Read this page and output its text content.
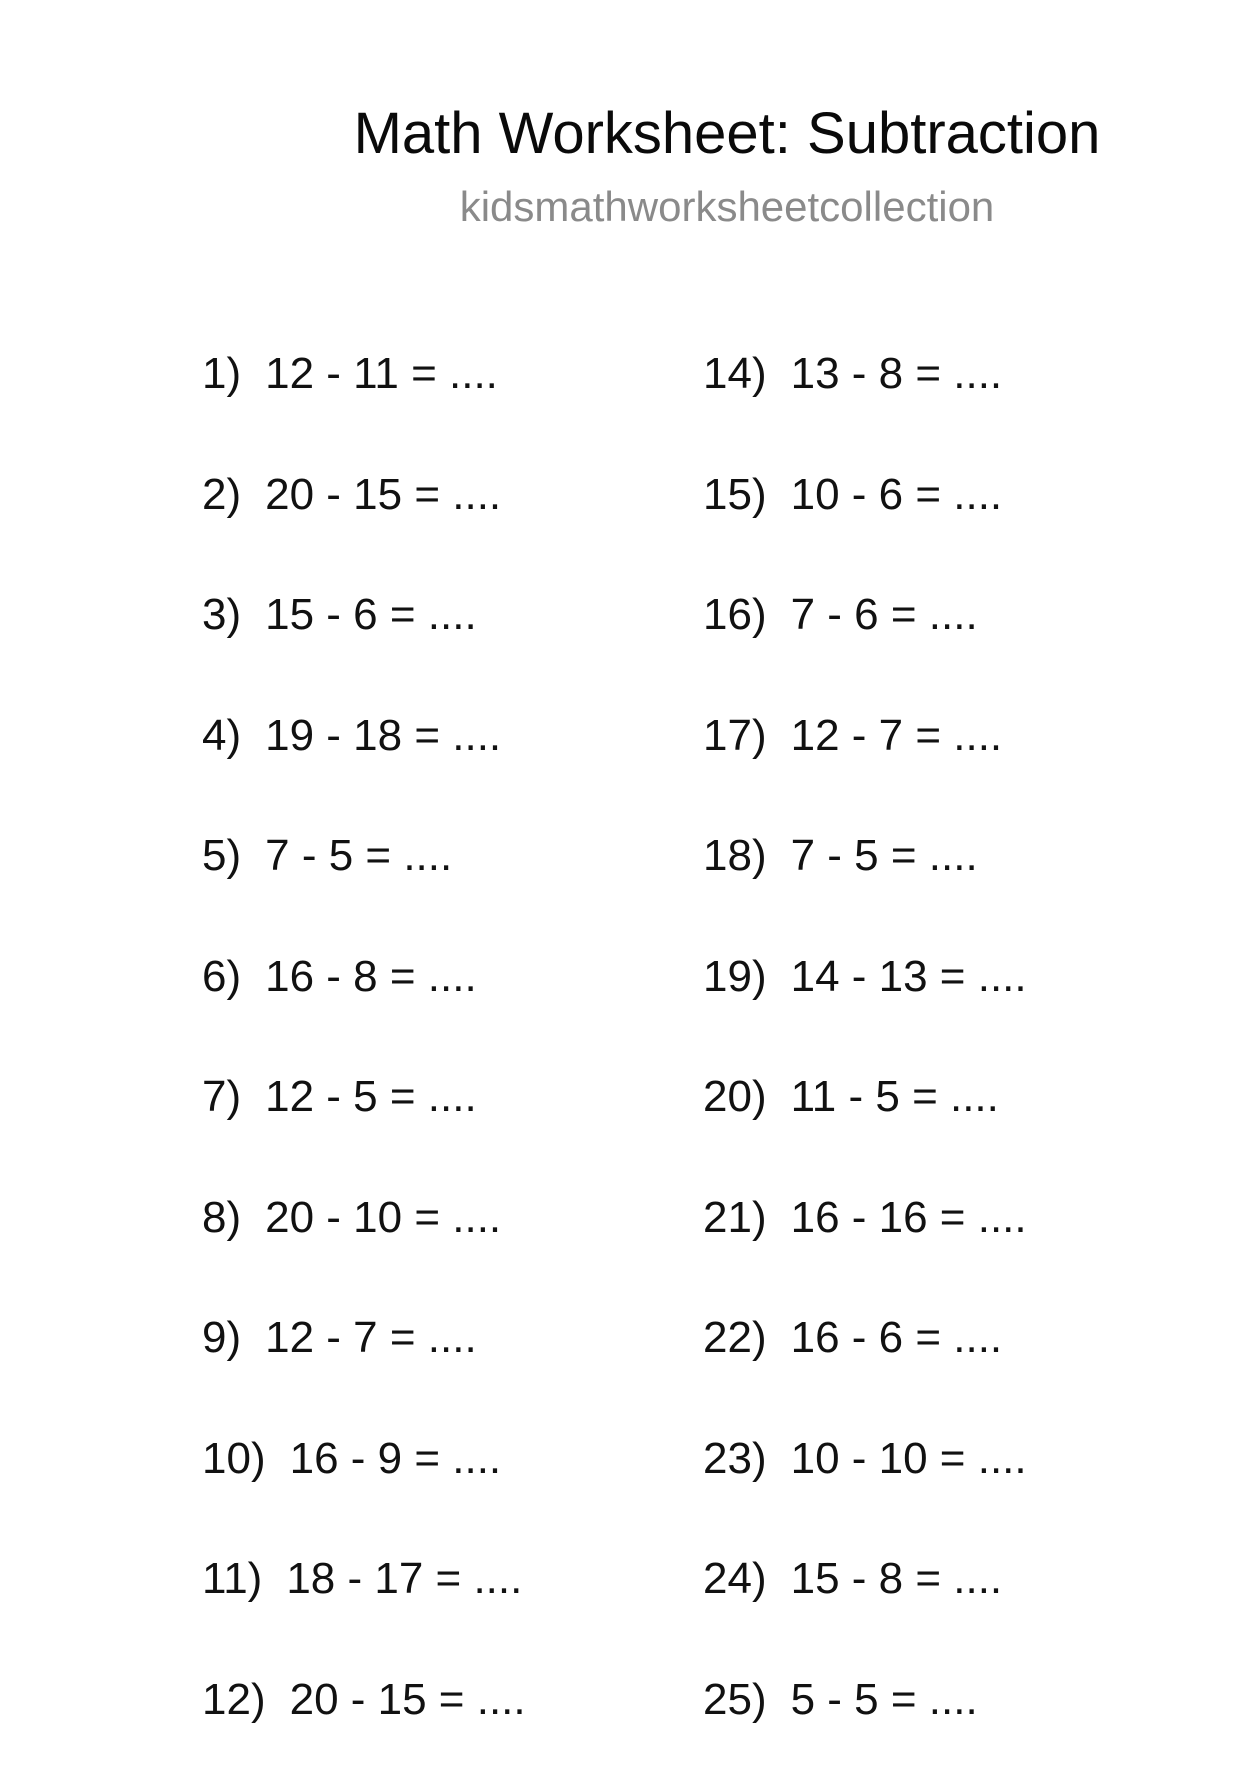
Math Worksheet: Subtraction
kidsmathworksheetcollection
1) 12 - 11 = ....
2) 20 - 15 = ....
3) 15 - 6 = ....
4) 19 - 18 = ....
5) 7 - 5 = ....
6) 16 - 8 = ....
7) 12 - 5 = ....
8) 20 - 10 = ....
9) 12 - 7 = ....
10) 16 - 9 = ....
11) 18 - 17 = ....
12) 20 - 15 = ....
14) 13 - 8 = ....
15) 10 - 6 = ....
16) 7 - 6 = ....
17) 12 - 7 = ....
18) 7 - 5 = ....
19) 14 - 13 = ....
20) 11 - 5 = ....
21) 16 - 16 = ....
22) 16 - 6 = ....
23) 10 - 10 = ....
24) 15 - 8 = ....
25) 5 - 5 = ....
